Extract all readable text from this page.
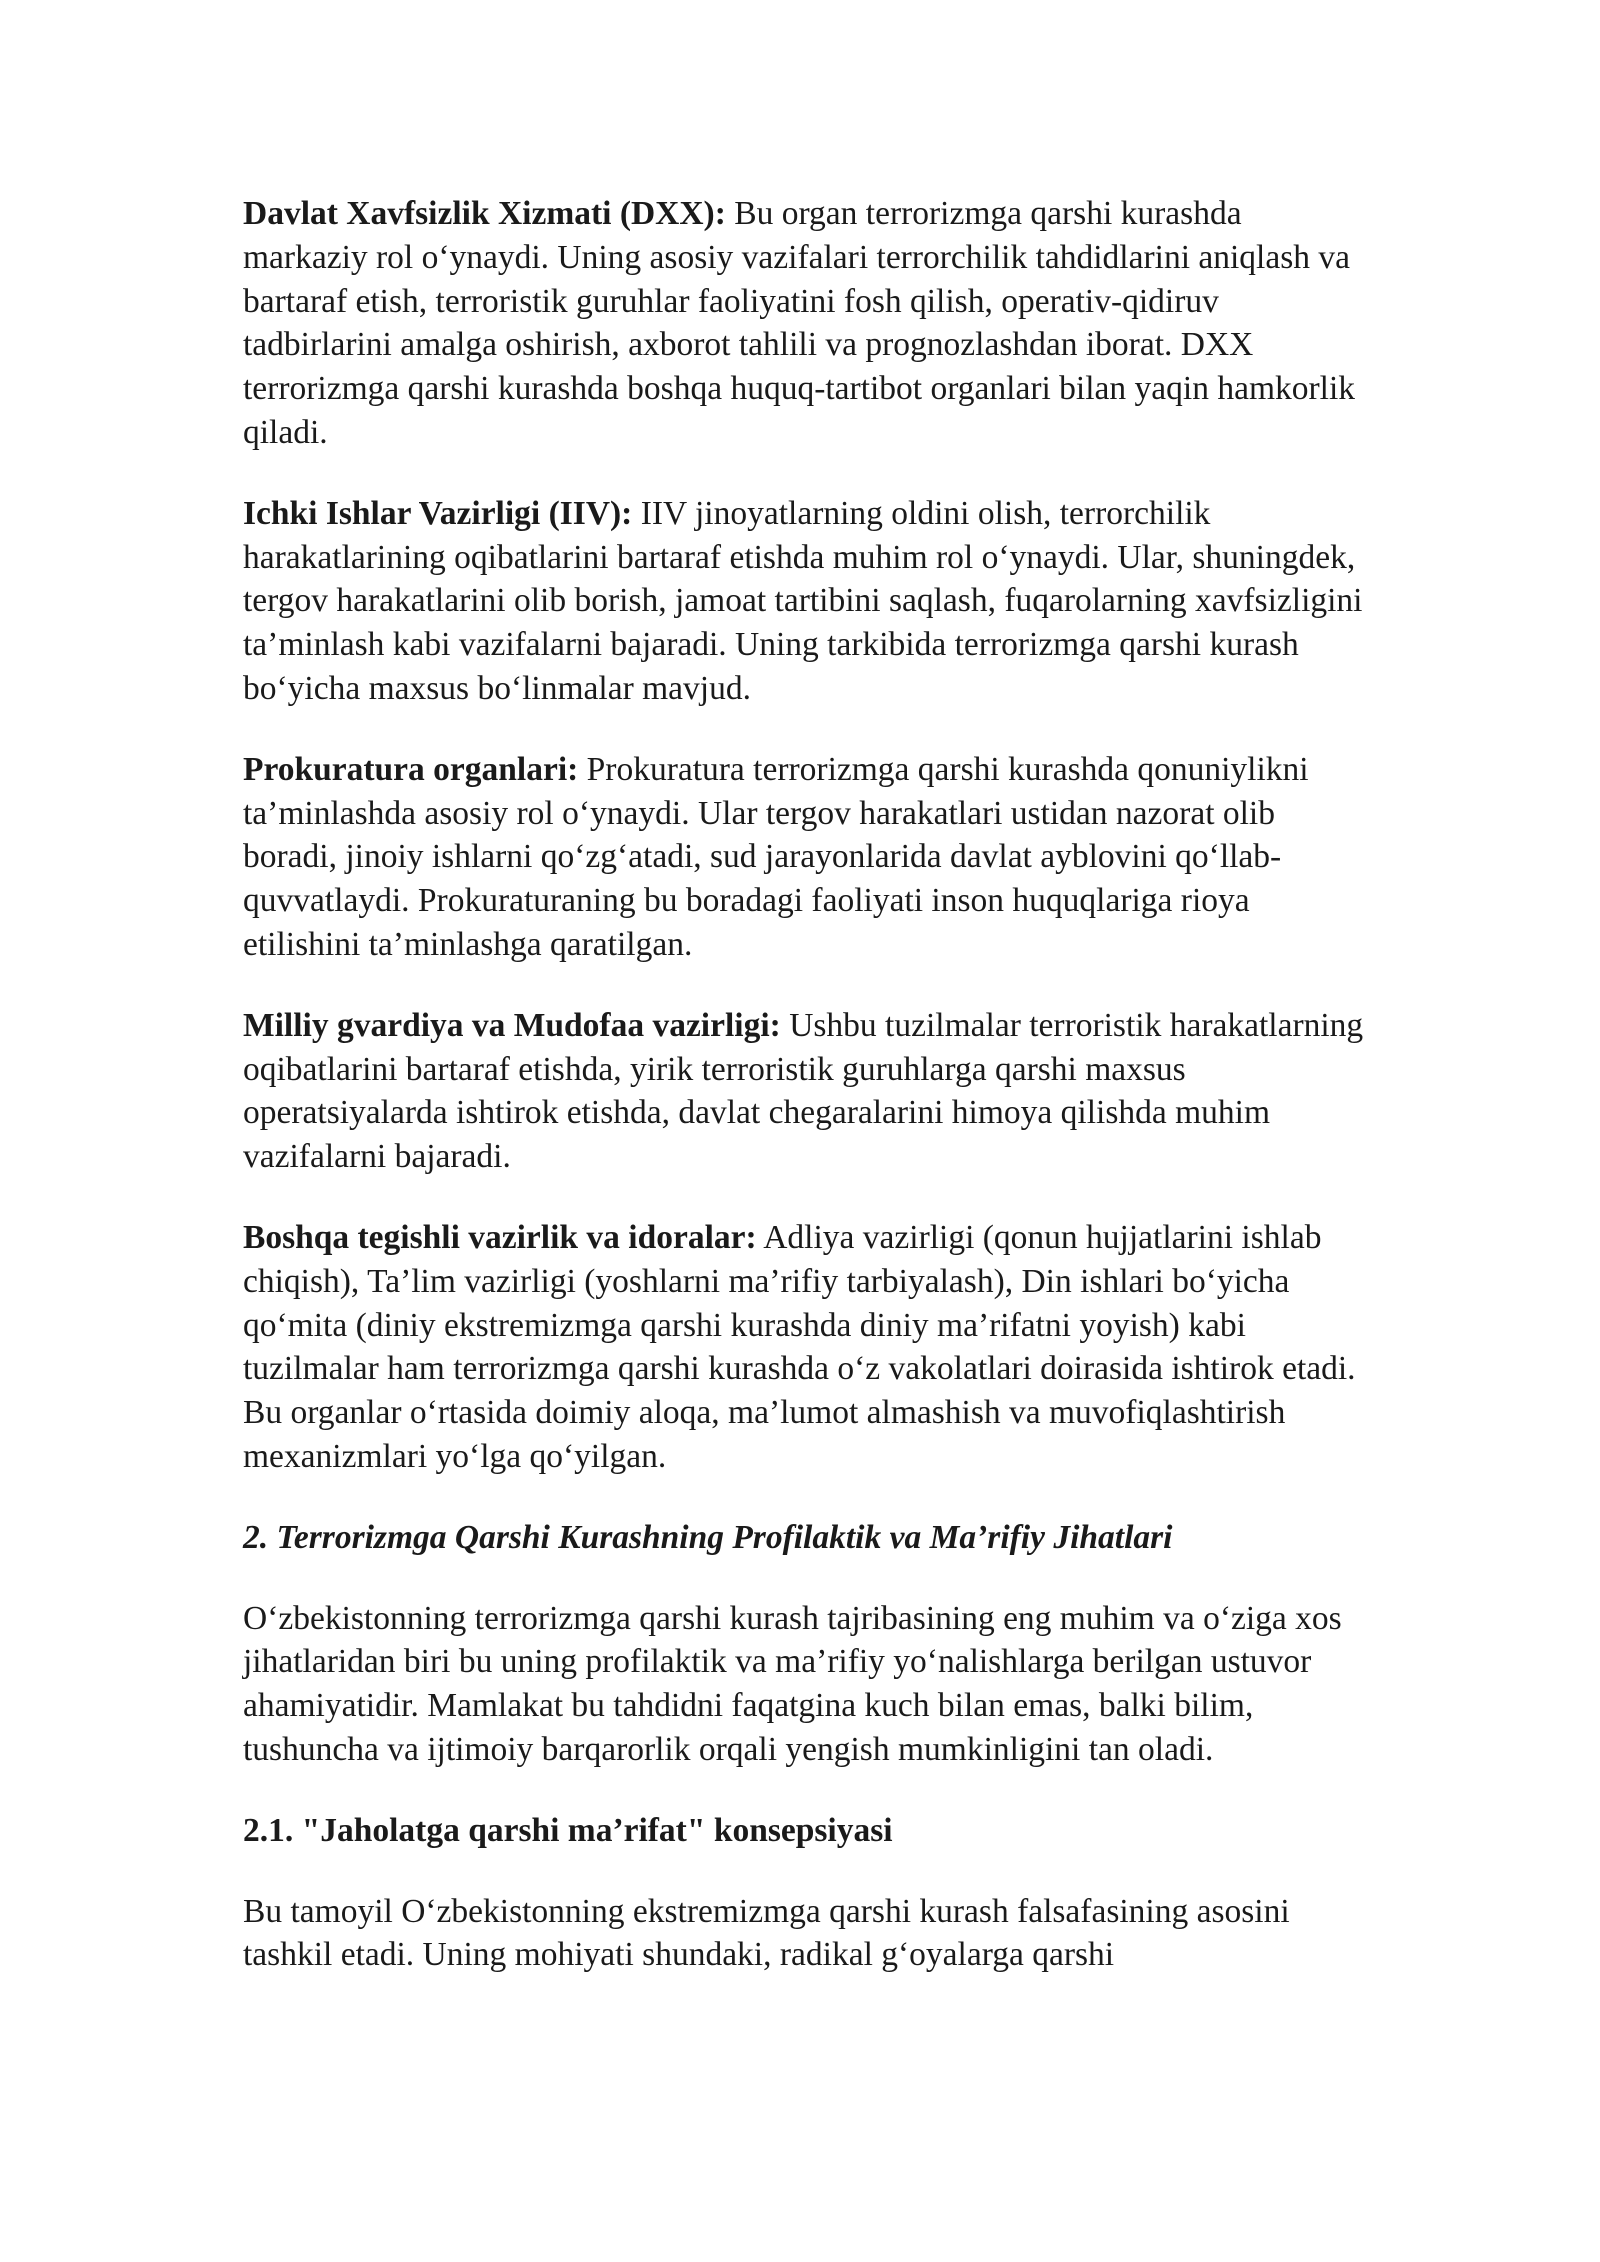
Davlat Xavfsizlik Xizmati (DXX): Bu organ terrorizmga qarshi kurashda markaziy rol oʻynaydi. Uning asosiy vazifalari terrorchilik tahdidlarini aniqlash va bartaraf etish, terroristik guruhlar faoliyatini fosh qilish, operativ-qidiruv tadbirlarini amalga oshirish, axborot tahlili va prognozlashdan iborat. DXX terrorizmga qarshi kurashda boshqa huquq-tartibot organlari bilan yaqin hamkorlik qiladi.

Ichki Ishlar Vazirligi (IIV): IIV jinoyatlarning oldini olish, terrorchilik harakatlarining oqibatlarini bartaraf etishda muhim rol oʻynaydi. Ular, shuningdek, tergov harakatlarini olib borish, jamoat tartibini saqlash, fuqarolarning xavfsizligini ta’minlash kabi vazifalarni bajaradi. Uning tarkibida terrorizmga qarshi kurash boʻyicha maxsus boʻlinmalar mavjud.

Prokuratura organlari: Prokuratura terrorizmga qarshi kurashda qonuniylikni ta’minlashda asosiy rol oʻynaydi. Ular tergov harakatlari ustidan nazorat olib boradi, jinoiy ishlarni qoʻzgʻatadi, sud jarayonlarida davlat ayblovini qoʻllab-quvvatlaydi. Prokuraturaning bu boradagi faoliyati inson huquqlariga rioya etilishini ta’minlashga qaratilgan.

Milliy gvardiya va Mudofaa vazirligi: Ushbu tuzilmalar terroristik harakatlarning oqibatlarini bartaraf etishda, yirik terroristik guruhlarga qarshi maxsus operatsiyalarda ishtirok etishda, davlat chegaralarini himoya qilishda muhim vazifalarni bajaradi.

Boshqa tegishli vazirlik va idoralar: Adliya vazirligi (qonun hujjatlarini ishlab chiqish), Ta’lim vazirligi (yoshlarni ma’rifiy tarbiyalash), Din ishlari boʻyicha qoʻmita (diniy ekstremizmga qarshi kurashda diniy ma’rifatni yoyish) kabi tuzilmalar ham terrorizmga qarshi kurashda oʻz vakolatlari doirasida ishtirok etadi. Bu organlar oʻrtasida doimiy aloqa, ma’lumot almashish va muvofiqlashtirish mexanizmlari yoʻlga qoʻyilgan.

2. Terrorizmga Qarshi Kurashning Profilaktik va Ma’rifiy Jihatlari

Oʻzbekistonning terrorizmga qarshi kurash tajribasining eng muhim va oʻziga xos jihatlaridan biri bu uning profilaktik va ma’rifiy yoʻnalishlarga berilgan ustuvor ahamiyatidir. Mamlakat bu tahdidni faqatgina kuch bilan emas, balki bilim, tushuncha va ijtimoiy barqarorlik orqali yengish mumkinligini tan oladi.

2.1. "Jaholatga qarshi ma’rifat" konsepsiyasi

Bu tamoyil Oʻzbekistonning ekstremizmga qarshi kurash falsafasining asosini tashkil etadi. Uning mohiyati shundaki, radikal gʻoyalarga qarshi
